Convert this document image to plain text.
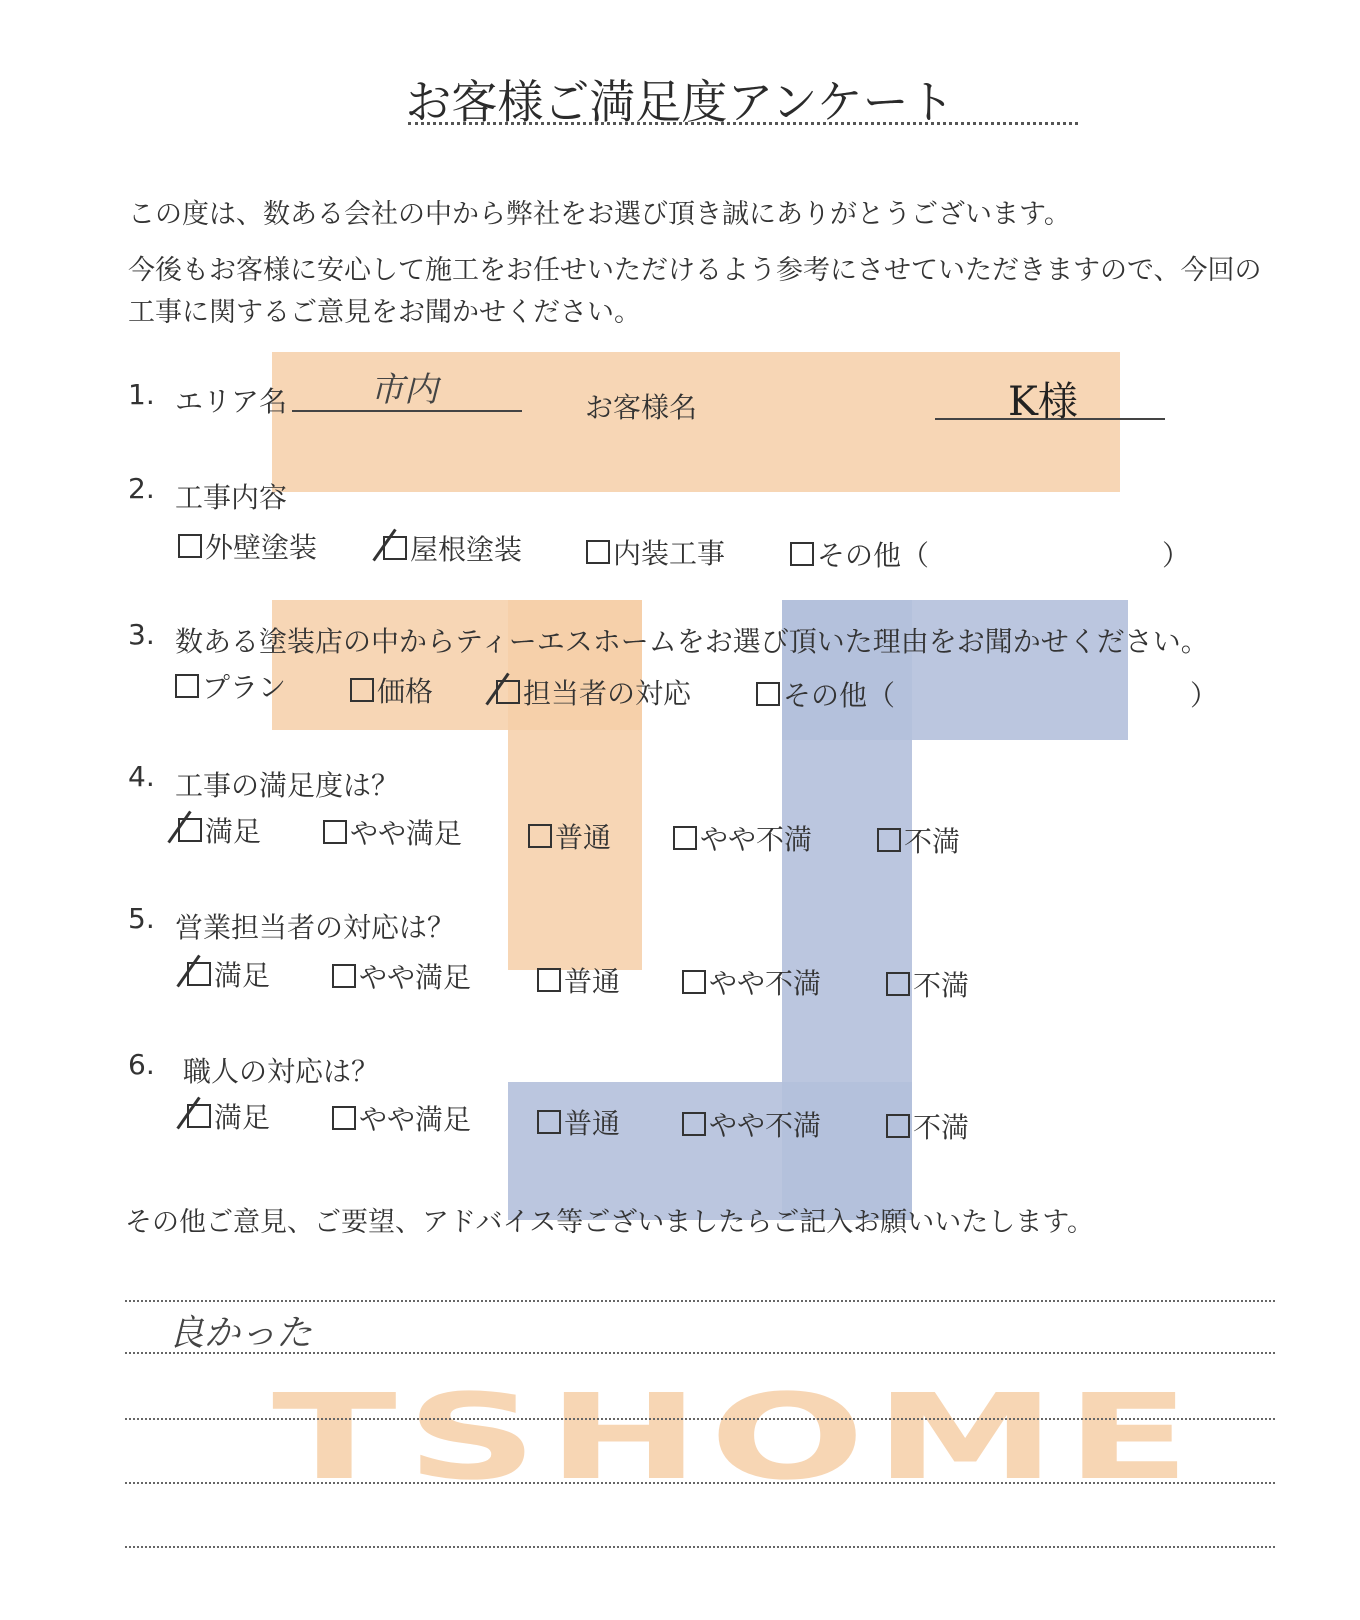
TSHOME
お客様ご満足度アンケート
この度は、数ある会社の中から弊社をお選び頂き誠にありがとうございます。
今後もお客様に安心して施工をお任せいただけるよう参考にさせていただきますので、今回の
工事に関するご意見をお聞かせください。
1. エリア名 市内	お客様名	K様
2. 工事内容
外壁塗装	屋根塗装	内装工事	その他（	）
3. 数ある塗装店の中からティーエスホームをお選び頂いた理由をお聞かせください。
プラン	価格	担当者の対応	その他（	）
4. 工事の満足度は？
満足	やや満足	普通	やや不満	不満
5. 営業担当者の対応は？
満足	やや満足	普通	やや不満	不満
6. 職人の対応は？
満足	やや満足	普通	やや不満	不満
その他ご意見、ご要望、アドバイス等ございましたらご記入お願いいたします。
良かった
